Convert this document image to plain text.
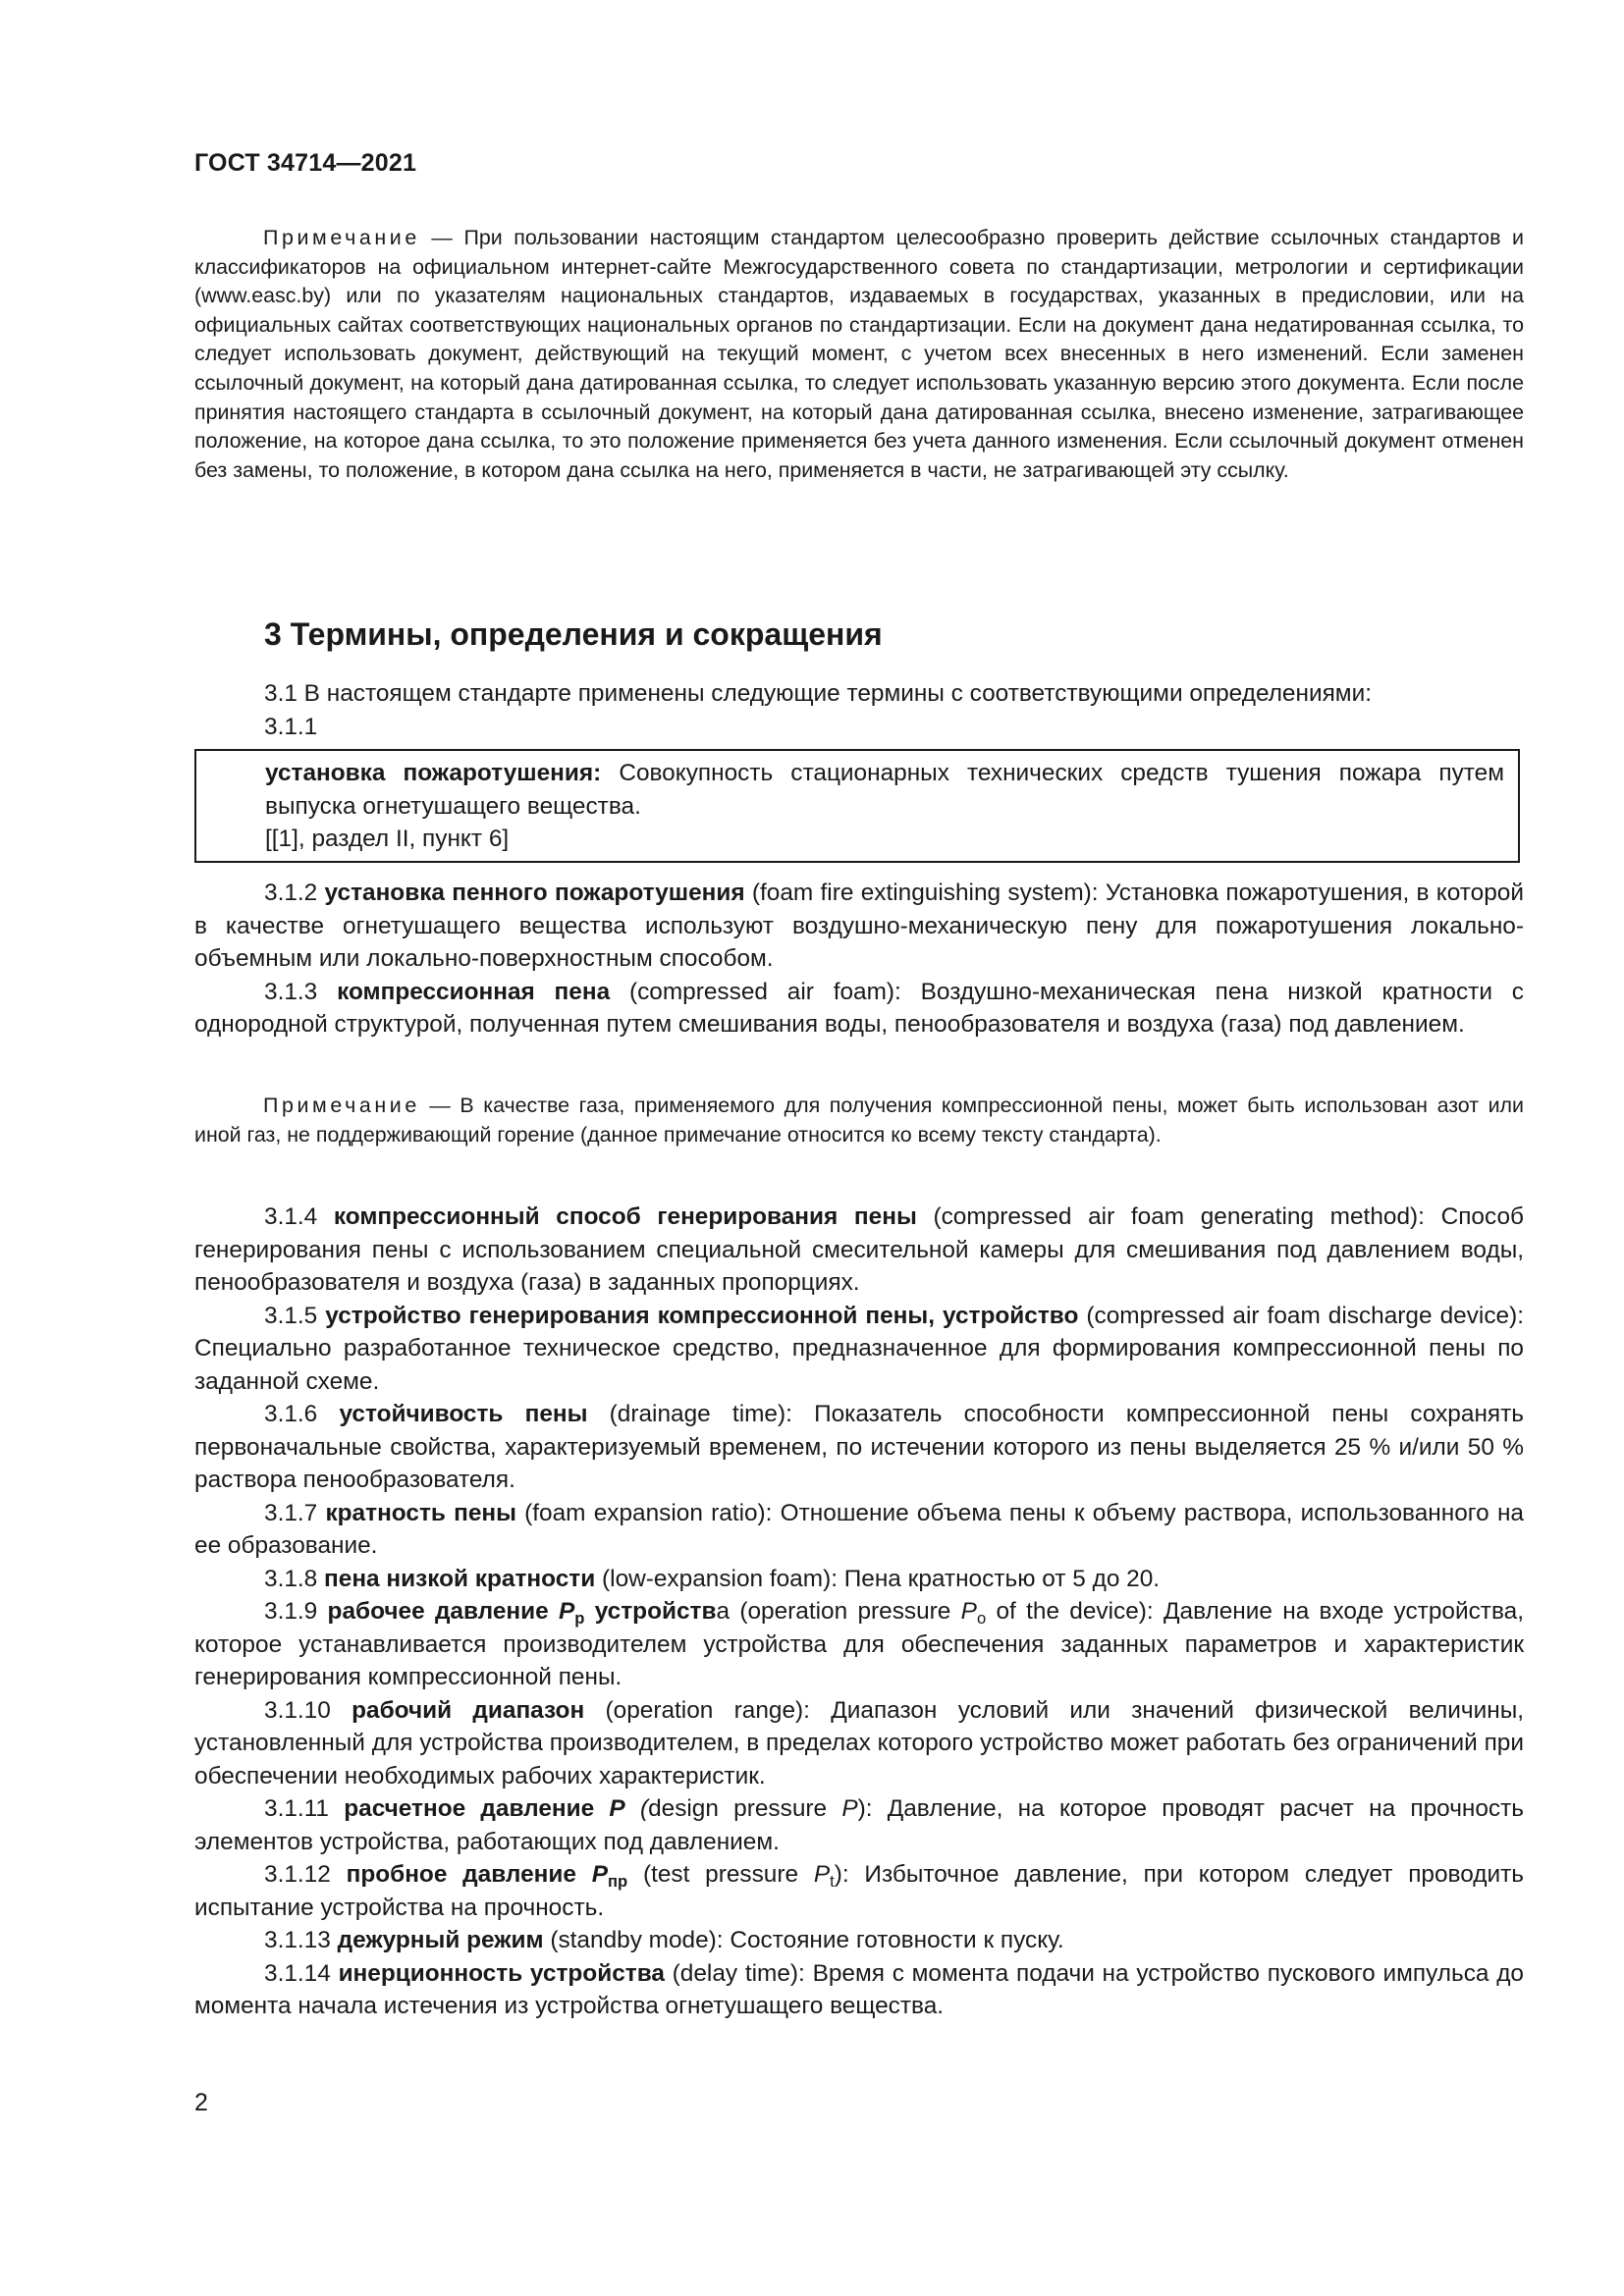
ГОСТ 34714—2021

Примечание — При пользовании настоящим стандартом целесообразно проверить действие ссылочных стандартов и классификаторов на официальном интернет-сайте Межгосударственного совета по стандартизации, метрологии и сертификации (www.easc.by) или по указателям национальных стандартов, издаваемых в государствах, указанных в предисловии, или на официальных сайтах соответствующих национальных органов по стандартизации. Если на документ дана недатированная ссылка, то следует использовать документ, действующий на текущий момент, с учетом всех внесенных в него изменений. Если заменен ссылочный документ, на который дана датированная ссылка, то следует использовать указанную версию этого документа. Если после принятия настоящего стандарта в ссылочный документ, на который дана датированная ссылка, внесено изменение, затрагивающее положение, на которое дана ссылка, то это положение применяется без учета данного изменения. Если ссылочный документ отменен без замены, то положение, в котором дана ссылка на него, применяется в части, не затрагивающей эту ссылку.

3 Термины, определения и сокращения
3.1 В настоящем стандарте применены следующие термины с соответствующими определениями:
3.1.1

установка пожаротушения: Совокупность стационарных технических средств тушения пожара путем выпуска огнетушащего вещества.

[[1], раздел II, пункт 6]

3.1.2 установка пенного пожаротушения (foam fire extinguishing system): Установка пожаротушения, в которой в качестве огнетушащего вещества используют воздушно-механическую пену для пожаротушения локально-объемным или локально-поверхностным способом.

3.1.3 компрессионная пена (compressed air foam): Воздушно-механическая пена низкой кратности с однородной структурой, полученная путем смешивания воды, пенообразователя и воздуха (газа) под давлением.

Примечание — В качестве газа, применяемого для получения компрессионной пены, может быть использован азот или иной газ, не поддерживающий горение (данное примечание относится ко всему тексту стандарта).

3.1.4 компрессионный способ генерирования пены (compressed air foam generating method): Способ генерирования пены с использованием специальной смесительной камеры для смешивания под давлением воды, пенообразователя и воздуха (газа) в заданных пропорциях.

3.1.5 устройство генерирования компрессионной пены, устройство (compressed air foam discharge device): Специально разработанное техническое средство, предназначенное для формирования компрессионной пены по заданной схеме.

3.1.6 устойчивость пены (drainage time): Показатель способности компрессионной пены сохранять первоначальные свойства, характеризуемый временем, по истечении которого из пены выделяется 25 % и/или 50 % раствора пенообразователя.

3.1.7 кратность пены (foam expansion ratio): Отношение объема пены к объему раствора, использованного на ее образование.

3.1.8 пена низкой кратности (low-expansion foam): Пена кратностью от 5 до 20.

3.1.9 рабочее давление $P_р$ устройства (operation pressure $P_o$ of the device): Давление на входе устройства, которое устанавливается производителем устройства для обеспечения заданных параметров и характеристик генерирования компрессионной пены.

3.1.10 рабочий диапазон (operation range): Диапазон условий или значений физической величины, установленный для устройства производителем, в пределах которого устройство может работать без ограничений при обеспечении необходимых рабочих характеристик.

3.1.11 расчетное давление P (design pressure P): Давление, на которое проводят расчет на прочность элементов устройства, работающих под давлением.

3.1.12 пробное давление $P_{пр}$ (test pressure $P_t$): Избыточное давление, при котором следует проводить испытание устройства на прочность.

3.1.13 дежурный режим (standby mode): Состояние готовности к пуску.

3.1.14 инерционность устройства (delay time): Время с момента подачи на устройство пускового импульса до момента начала истечения из устройства огнетушащего вещества.

2
